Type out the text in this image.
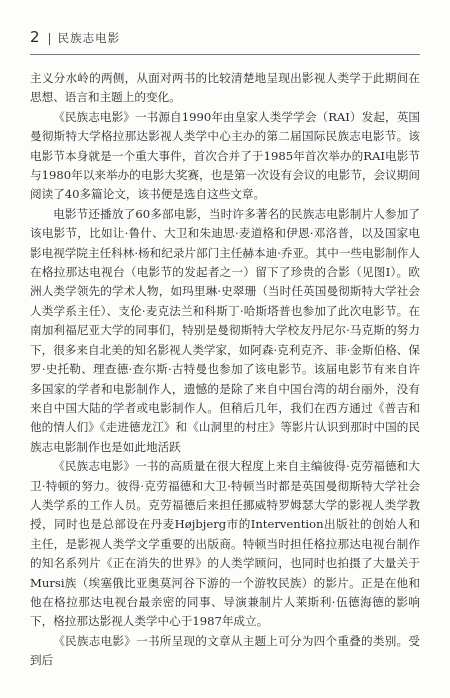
2 | 民族志电影

主义分水岭的两侧，从面对两书的比较清楚地呈现出影视人类学于此期间在思想、语言和主题上的变化。

《民族志电影》一书源自1990年由皇家人类学学会（RAI）发起，英国曼彻斯特大学格拉那达影视人类学中心主办的第二届国际民族志电影节。该电影节本身就是一个重大事件，首次合并了于1985年首次举办的RAI电影节与1980年以来举办的电影大奖赛，也是第一次设有会议的电影节，会议期间阅读了40多篇论文，该书便是选自这些文章。

电影节还播放了60多部电影，当时许多著名的民族志电影制片人参加了该电影节，比如让·鲁什、大卫和朱迪思·麦道格和伊恩·邓洛普，以及国家电影电视学院主任科林·杨和纪录片部门主任赫本迪·乔亚。其中一些电影制作人在格拉那达电视台（电影节的发起者之一）留下了珍贵的合影（见图Ⅰ）。欧洲人类学领先的学术人物，如玛里琳·史翠珊（当时任英国曼彻斯特大学社会人类学系主任）、支伦·麦克法兰和科斯丁·哈斯塔普也参加了此次电影节。在南加利福尼亚大学的同事们，特别是曼彻斯特大学校友丹尼尔·马克斯的努力下，很多来自北美的知名影视人类学家，如阿森·克利克齐、菲·金斯伯格、保罗·史托勒、理查德·查尔斯·古特曼也参加了该电影节。该届电影节有来自许多国家的学者和电影制作人，遗憾的是除了来自中国台湾的胡台丽外，没有来自中国大陆的学者或电影制作人。但稍后几年，我们在西方通过《普吉和他的情人们》《走进德龙江》和《山洞里的村庄》等影片认识到那时中国的民族志电影制作也是如此地活跃

《民族志电影》一书的高质量在很大程度上来自主编彼得·克劳福德和大卫·特顿的努力。彼得·克劳福德和大卫·特顿当时都是英国曼彻斯特大学社会人类学系的工作人员。克劳福德后来担任挪威特罗姆瑟大学的影视人类学教授，同时也是总部设在丹麦Højbjerg市的Intervention出版社的创始人和主任，是影视人类学文学重要的出版商。特顿当时担任格拉那达电视台制作的知名系列片《正在消失的世界》的人类学顾问，也同时也拍摄了大量关于Mursi族（埃塞俄比亚奥莫河谷下游的一个游牧民族）的影片。正是在他和他在格拉那达电视台最亲密的同事、导演兼制片人莱斯利·伍德海德的影响下，格拉那达影视人类学中心于1987年成立。

《民族志电影》一书所呈现的文章从主题上可分为四个重叠的类别。受到后
